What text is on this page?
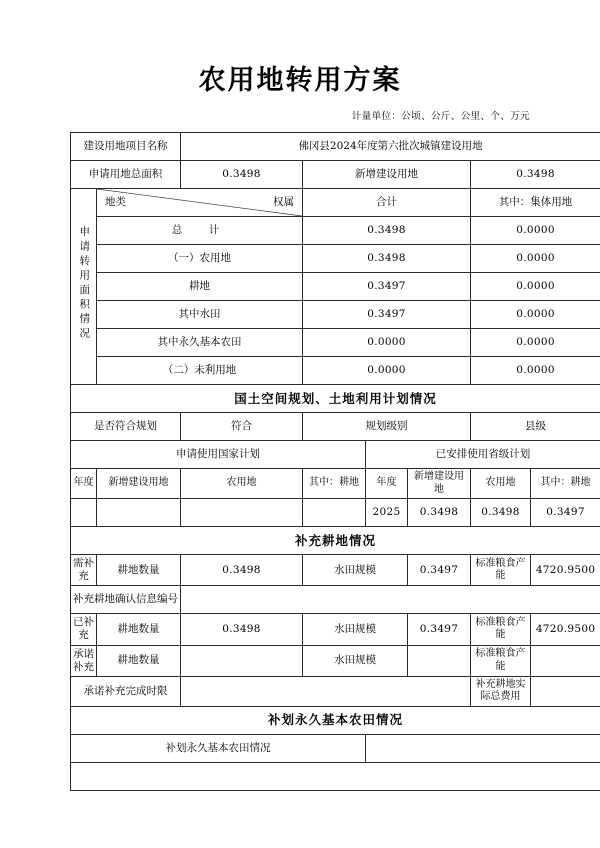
农用地转用方案
计量单位：公顷、公斤、公里、个、万元
建设用地项目名称		佛冈县2024年度第六批次城镇建设用地					
申请用地总面积		0.3498	新增建设用地			0.3498	
申请转用面积情况	地类 权属		合计			其中：集体用地	
	总　计		0.3498			0.0000	
	（一）农用地		0.3498			0.0000	
	耕地		0.3497			0.0000	
	其中水田		0.3497			0.0000	
	其中永久基本农田		0.0000			0.0000	
	（二）未利用地		0.0000			0.0000	
国土空间规划、土地利用计划情况							
是否符合规划		符合	规划级别			县级	
申请使用国家计划				已安排使用省级计划			
年度	新增建设用地	农用地	其中：耕地	年度	新增建设用地	农用地	其中：耕地
				2025	0.3498	0.3498	0.3497
补充耕地情况							
需补充	耕地数量	0.3498	水田规模		0.3497	标准粮食产能	4720.9500
补充耕地确认信息编号							
已补充	耕地数量	0.3498	水田规模		0.3497	标准粮食产能	4720.9500
承诺补充	耕地数量		水田规模			标准粮食产能	
承诺补充完成时限						补充耕地实际总费用	
补划永久基本农田情况							
补划永久基本农田情况							
